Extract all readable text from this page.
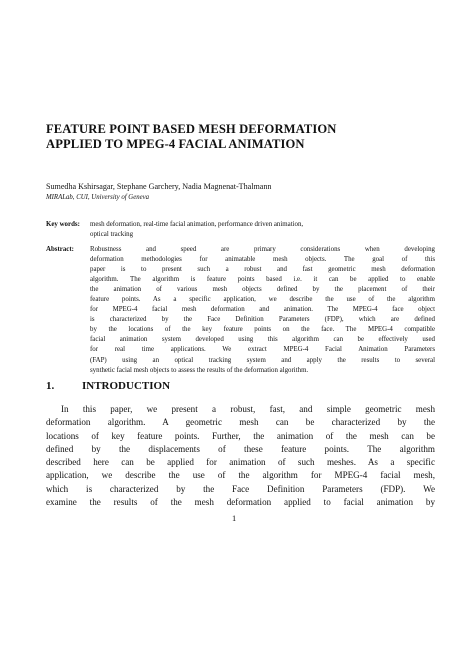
FEATURE POINT BASED MESH DEFORMATION
APPLIED TO MPEG-4 FACIAL ANIMATION
Sumedha Kshirsagar, Stephane Garchery, Nadia Magnenat-Thalmann
MIRALab, CUI, University of Geneva
Key words: mesh deformation, real-time facial animation, performance driven animation,
optical tracking
Abstract: Robustness and speed are primary considerations when developing
deformation methodologies for animatable mesh objects. The goal of this
paper is to present such a robust and fast geometric mesh deformation
algorithm. The algorithm is feature points based i.e. it can be applied to enable
the animation of various mesh objects defined by the placement of their
feature points. As a specific application, we describe the use of the algorithm
for MPEG-4 facial mesh deformation and animation. The MPEG-4 face object
is characterized by the Face Definition Parameters (FDP), which are defined
by the locations of the key feature points on the face. The MPEG-4 compatible
facial animation system developed using this algorithm can be effectively used
for real time applications. We extract MPEG-4 Facial Animation Parameters
(FAP) using an optical tracking system and apply the results to several
synthetic facial mesh objects to assess the results of the deformation algorithm.
1.	INTRODUCTION
In this paper, we present a robust, fast, and simple geometric mesh
deformation algorithm. A geometric mesh can be characterized by the
locations of key feature points. Further, the animation of the mesh can be
defined by the displacements of these feature points. The algorithm
described here can be applied for animation of such meshes. As a specific
application, we describe the use of the algorithm for MPEG-4 facial mesh,
which is characterized by the Face Definition Parameters (FDP). We
examine the results of the mesh deformation applied to facial animation by
1
